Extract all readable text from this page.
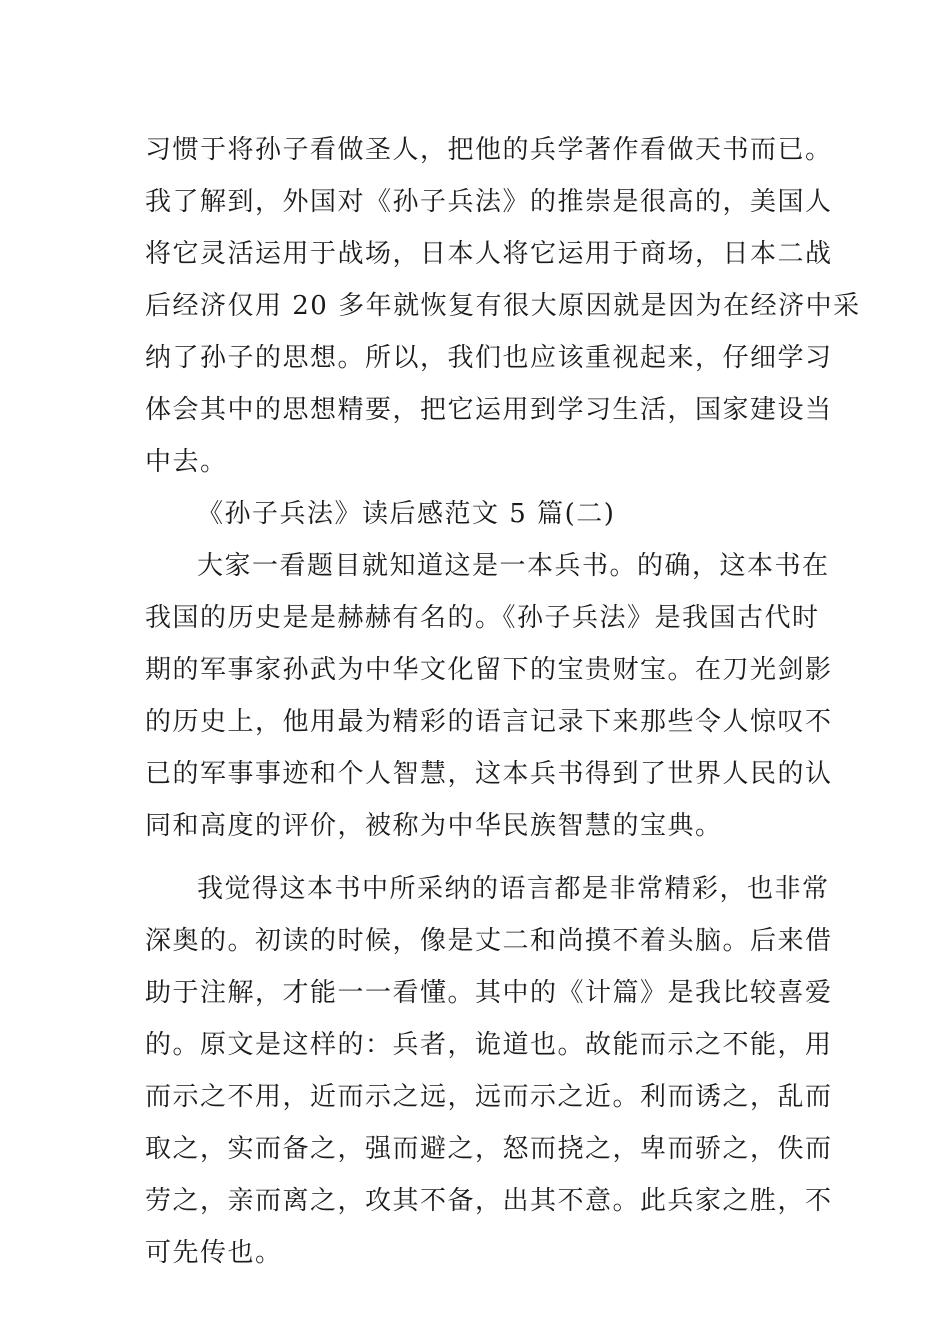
习惯于将孙子看做圣人，把他的兵学著作看做天书而已。
我了解到，外国对《孙子兵法》的推崇是很高的，美国人
将它灵活运用于战场，日本人将它运用于商场，日本二战
后经济仅用 20 多年就恢复有很大原因就是因为在经济中采
纳了孙子的思想。所以，我们也应该重视起来，仔细学习
体会其中的思想精要，把它运用到学习生活，国家建设当
中去。
《孙子兵法》读后感范文 5 篇(二)
大家一看题目就知道这是一本兵书。的确，这本书在
我国的历史是是赫赫有名的。《孙子兵法》是我国古代时
期的军事家孙武为中华文化留下的宝贵财宝。在刀光剑影
的历史上，他用最为精彩的语言记录下来那些令人惊叹不
已的军事事迹和个人智慧，这本兵书得到了世界人民的认
同和高度的评价，被称为中华民族智慧的宝典。
我觉得这本书中所采纳的语言都是非常精彩，也非常
深奥的。初读的时候，像是丈二和尚摸不着头脑。后来借
助于注解，才能一一看懂。其中的《计篇》是我比较喜爱
的。原文是这样的：兵者，诡道也。故能而示之不能，用
而示之不用，近而示之远，远而示之近。利而诱之，乱而
取之，实而备之，强而避之，怒而挠之，卑而骄之，佚而
劳之，亲而离之，攻其不备，出其不意。此兵家之胜，不
可先传也。
